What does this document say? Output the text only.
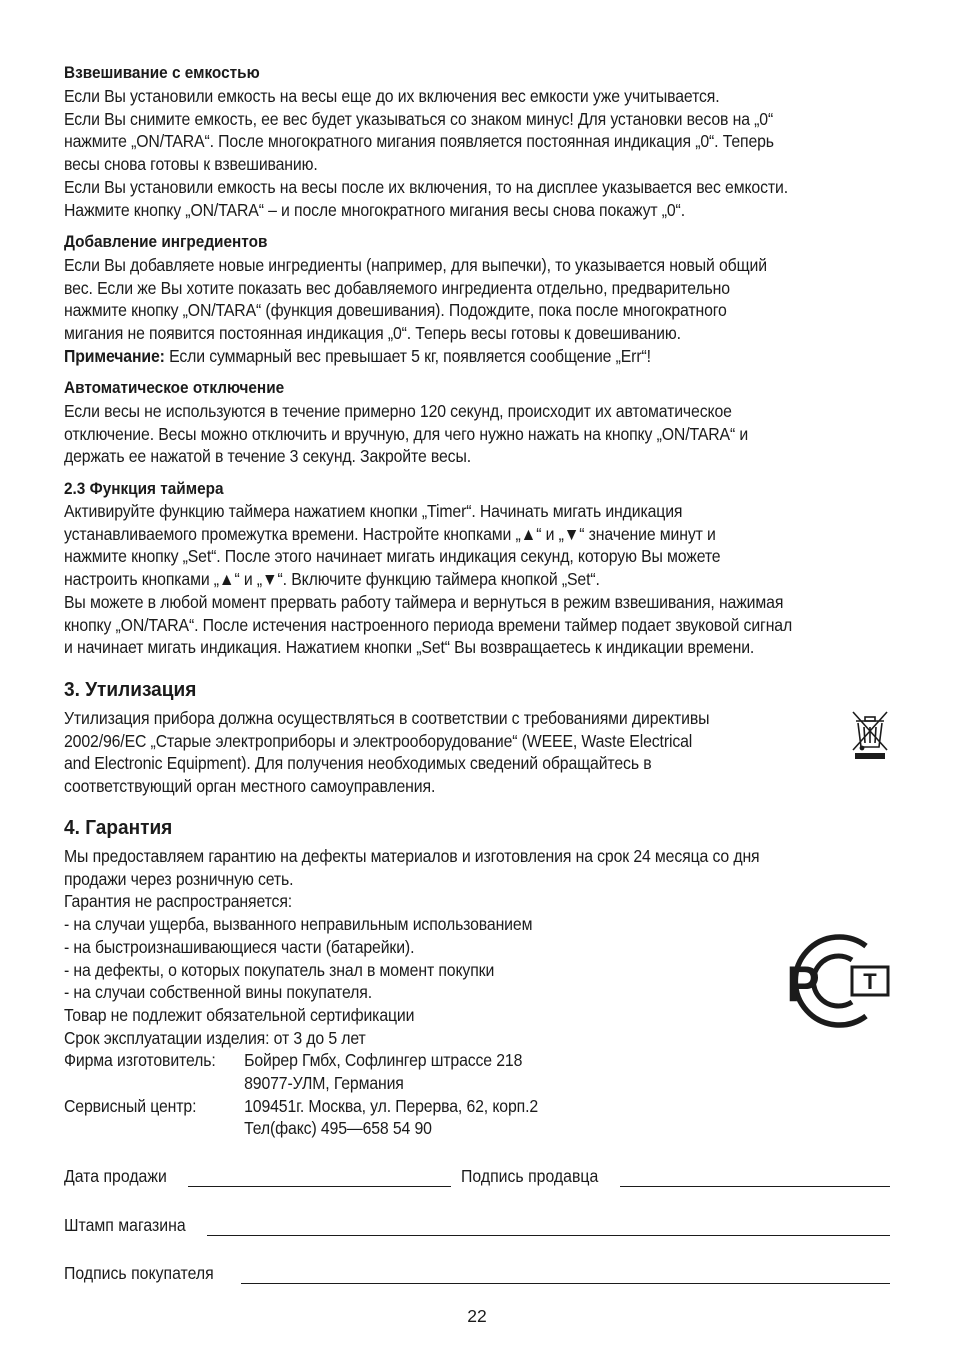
Взвешивание с емкостью
Если Вы установили емкость на весы еще до их включения вес емкости уже учитывается.
Если Вы снимите емкость, ее вес будет указываться со знаком минус! Для установки весов на „0“
нажмите „ON/TARA“. После многократного мигания появляется постоянная индикация „0“. Теперь
весы снова готовы к взвешиванию.
Если Вы установили емкость на весы после их включения, то на дисплее указывается вес емкости.
Нажмите кнопку „ON/TARA“ – и после многократного мигания весы снова покажут „0“.
Добавление ингредиентов
Если Вы добавляете новые ингредиенты (например, для выпечки), то указывается новый общий
вес. Если же Вы хотите показать вес добавляемого ингредиента отдельно, предварительно
нажмите кнопку „ON/TARA“ (функция довешивания). Подождите, пока после многократного
мигания не появится постоянная индикация „0“. Теперь весы готовы к довешиванию.
Примечание: Если суммарный вес превышает 5 кг, появляется сообщение „Err“!
Автоматическое отключение
Если весы не используются в течение примерно 120 секунд, происходит их автоматическое
отключение. Весы можно отключить и вручную, для чего нужно нажать на кнопку „ON/TARA“ и
держать ее нажатой в течение 3 секунд. Закройте весы.
2.3 Функция таймера
Активируйте функцию таймера нажатием кнопки „Timer“. Начинать мигать индикация
устанавливаемого промежутка времени. Настройте кнопками „▲“ и „▼“ значение минут и
нажмите кнопку „Set“. После этого начинает мигать индикация секунд, которую Вы можете
настроить кнопками „▲“ и „▼“. Включите функцию таймера кнопкой „Set“.
Вы можете в любой момент прервать работу таймера и вернуться в режим взвешивания, нажимая
кнопку „ON/TARA“. После истечения настроенного периода времени таймер подает звуковой сигнал
и начинает мигать индикация. Нажатием кнопки „Set“ Вы возвращаетесь к индикации времени.
3. Утилизация
Утилизация прибора должна осуществляться в соответствии с требованиями директивы
2002/96/EC „Старые электроприборы и электрооборудование“ (WEEE, Waste Electrical
and Electronic Equipment). Для получения необходимых сведений обращайтесь в
соответствующий орган местного самоуправления.
4. Гарантия
Мы предоставляем гарантию на дефекты материалов и изготовления на срок 24 месяца со дня
продажи через розничную сеть.
Гарантия не распространяется:
- на случаи ущерба, вызванного неправильным использованием
- на быстроизнашивающиеся части (батарейки).
- на дефекты, о которых покупатель знал в момент покупки
- на случаи собственной вины покупателя.
Товар не подлежит обязательной сертификации
Срок эксплуатации изделия: от 3 до 5 лет
Фирма изготовитель:	Бойрер Гмбх, Софлингер штрассе 218
89077-УЛМ, Германия
Сервисный центр:	109451г. Москва, ул. Перерва, 62, корп.2
Тел(факс) 495—658 54 90
Т
Р
Дата продажи	Подпись продавца
Штамп магазина
Подпись покупателя
22
